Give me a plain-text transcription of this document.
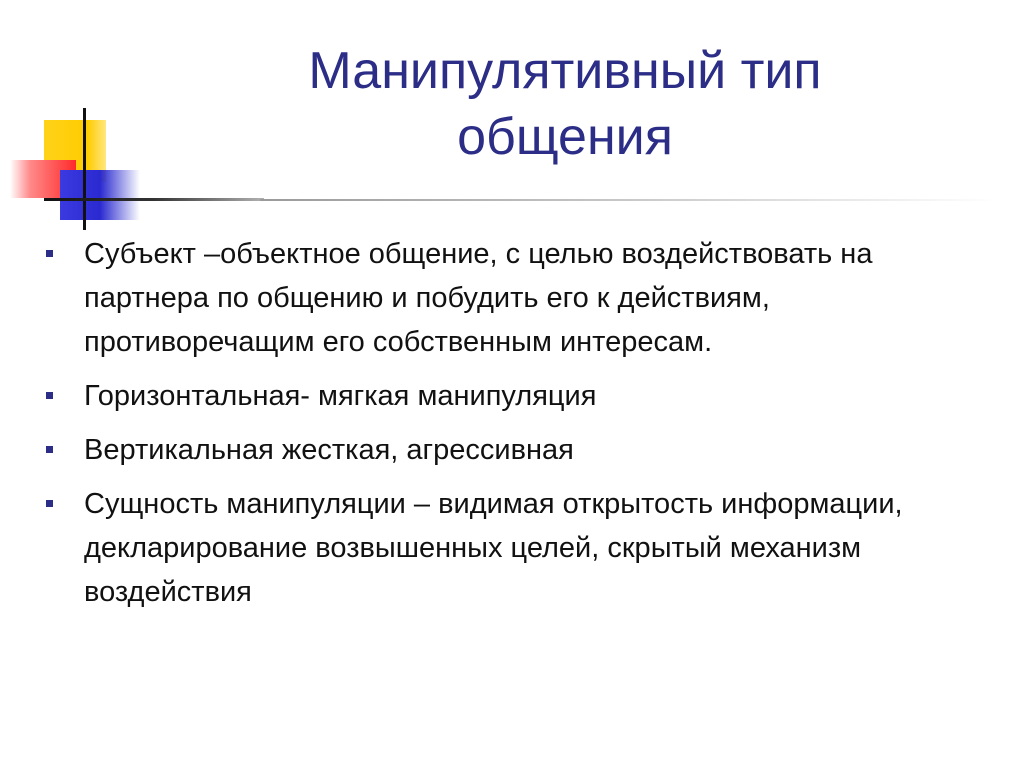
Манипулятивный тип
общения
Субъект –объектное общение, с целью воздействовать на партнера по общению и побудить его к действиям, противоречащим его собственным интересам.
Горизонтальная- мягкая манипуляция
Вертикальная жесткая, агрессивная
Сущность манипуляции – видимая открытость информации, декларирование возвышенных целей, скрытый механизм воздействия
